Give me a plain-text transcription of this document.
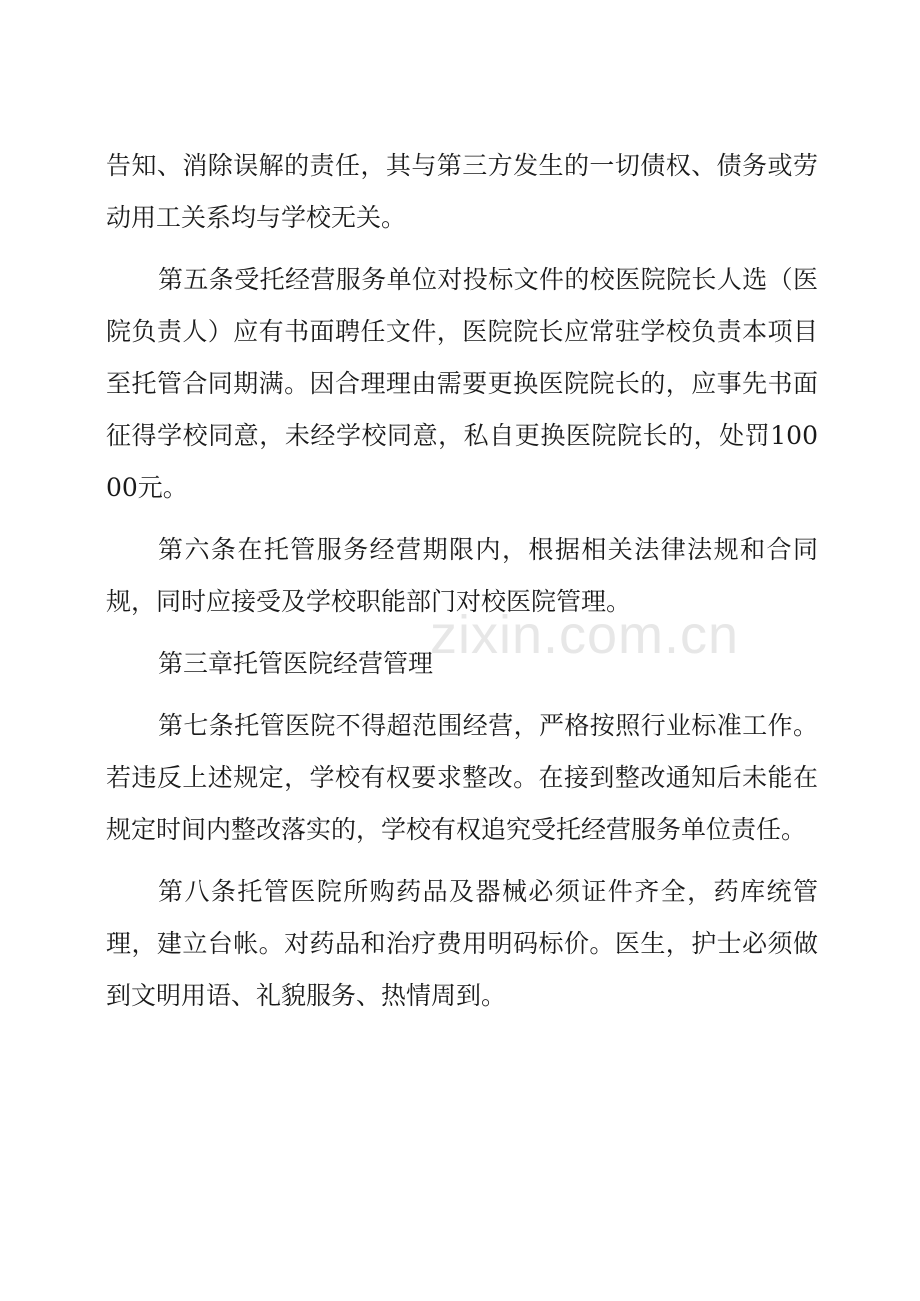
zixin.com.cn

告知、消除误解的责任，其与第三方发生的一切债权、债务或劳动用工关系均与学校无关。

第五条受托经营服务单位对投标文件的校医院院长人选（医院负责人）应有书面聘任文件，医院院长应常驻学校负责本项目至托管合同期满。因合理理由需要更换医院院长的，应事先书面征得学校同意，未经学校同意，私自更换医院院长的，处罚10000元。

第六条在托管服务经营期限内，根据相关法律法规和合同规，同时应接受及学校职能部门对校医院管理。

第三章托管医院经营管理

第七条托管医院不得超范围经营，严格按照行业标准工作。若违反上述规定，学校有权要求整改。在接到整改通知后未能在规定时间内整改落实的，学校有权追究受托经营服务单位责任。

第八条托管医院所购药品及器械必须证件齐全，药库统管理，建立台帐。对药品和治疗费用明码标价。医生，护士必须做到文明用语、礼貌服务、热情周到。
